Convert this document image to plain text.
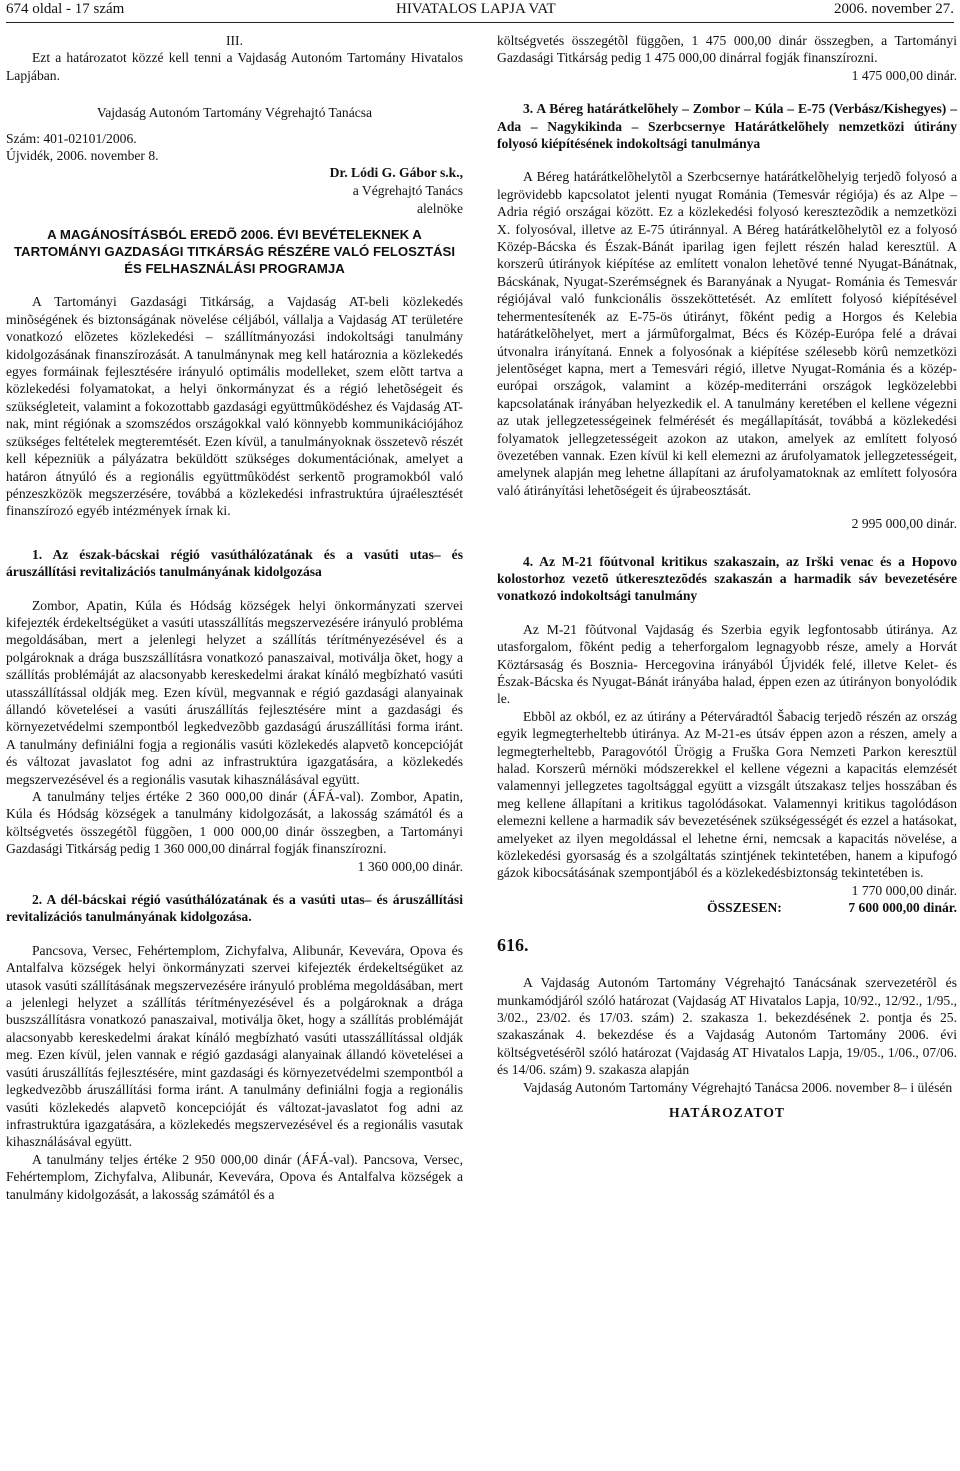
674 oldal - 17 szám	HIVATALOS LAPJA VAT	2006. november 27.

III.

Ezt a határozatot közzé kell tenni a Vajdaság Autonóm Tartomány Hivatalos Lapjában.

Vajdaság Autonóm Tartomány Végrehajtó Tanácsa

Szám: 401-02101/2006.

Újvidék, 2006. november 8.

Dr. Lódi G. Gábor s.k.,
a Végrehajtó Tanács
alelnöke

A MAGÁNOSÍTÁSBÓL EREDÕ 2006. ÉVI BEVÉTELEKNEK A TARTOMÁNYI GAZDASÁGI TITKÁRSÁG RÉSZÉRE VALÓ FELOSZTÁSI ÉS FELHASZNÁLÁSI PROGRAMJA

A Tartományi Gazdasági Titkárság, a Vajdaság AT-beli közlekedés minõségének és biztonságának növelése céljából, vállalja a Vajdaság AT területére vonatkozó elõzetes közlekedési – szállítmányozási indokoltsági tanulmány kidolgozásának finanszírozását. A tanulmánynak meg kell határoznia a közlekedés egyes formáinak fejlesztésére irányuló optimális modelleket, szem elõtt tartva a közlekedési folyamatokat, a helyi önkormányzat és a régió lehetõségeit és szükségleteit, valamint a fokozottabb gazdasági együttmûködéshez és Vajdaság AT-nak, mint régiónak a szomszédos országokkal való könnyebb kommunikációjához szükséges feltételek megteremtését. Ezen kívül, a tanulmányoknak összetevõ részét kell képezniük a pályázatra beküldött szükséges dokumentációnak, amelyet a határon átnyúló és a regionális együttmûködést serkentõ programokból való pénzeszközök megszerzésére, továbbá a közlekedési infrastruktúra újraélesztését finanszírozó egyéb intézmények írnak ki.

1. Az észak-bácskai régió vasúthálózatának és a vasúti utas– és áruszállítási revitalizációs tanulmányának kidolgozása

Zombor, Apatin, Kúla és Hódság községek helyi önkormányzati szervei kifejezték érdekeltségüket a vasúti utasszállítás megszervezésére irányuló probléma megoldásában, mert a jelenlegi helyzet a szállítás térítményezésével és a polgároknak a drága buszszállításra vonatkozó panaszaival, motiválja õket, hogy a szállítás problémáját az alacsonyabb kereskedelmi árakat kínáló megbízható vasúti utasszállítással oldják meg. Ezen kívül, megvannak e régió gazdasági alanyainak állandó követelései a vasúti áruszállítás fejlesztésére mint a gazdasági és környezetvédelmi szempontból legkedvezõbb gazdaságú áruszállítási forma iránt. A tanulmány definiálni fogja a regionális vasúti közlekedés alapvetõ koncepcióját és változat javaslatot fog adni az infrastruktúra igazgatására, a közlekedés megszervezésével és a regionális vasutak kihasználásával együtt.

A tanulmány teljes értéke 2 360 000,00 dinár (ÁFÁ-val). Zombor, Apatin, Kúla és Hódság községek a tanulmány kidolgozását, a lakosság számától és a költségvetés összegétõl függõen, 1 000 000,00 dinár összegben, a Tartományi Gazdasági Titkárság pedig 1 360 000,00 dinárral fogják finanszírozni.

1 360 000,00 dinár.

2. A dél-bácskai régió vasúthálózatának és a vasúti utas– és áruszállítási revitalizációs tanulmányának kidolgozása.

Pancsova, Versec, Fehértemplom, Zichyfalva, Alibunár, Kevevára, Opova és Antalfalva községek helyi önkormányzati szervei kifejezték érdekeltségüket az utasok vasúti szállításának megszervezésére irányuló probléma megoldásában, mert a jelenlegi helyzet a szállítás térítményezésével és a polgároknak a drága buszszállításra vonatkozó panaszaival, motiválja õket, hogy a szállítás problémáját alacsonyabb kereskedelmi árakat kínáló megbízható vasúti utasszállítással oldják meg. Ezen kívül, jelen vannak e régió gazdasági alanyainak állandó követelései a vasúti áruszállítás fejlesztésére, mint gazdasági és környezetvédelmi szempontból a legkedvezõbb áruszállítási forma iránt. A tanulmány definiálni fogja a regionális vasúti közlekedés alapvetõ koncepcióját és változat-javaslatot fog adni az infrastruktúra igazgatására, a közlekedés megszervezésével és a regionális vasutak kihasználásával együtt.

A tanulmány teljes értéke 2 950 000,00 dinár (ÁFÁ-val). Pancsova, Versec, Fehértemplom, Zichyfalva, Alibunár, Kevevára, Opova és Antalfalva községek a tanulmány kidolgozását, a lakosság számától és a

költségvetés összegétõl függõen, 1 475 000,00 dinár összegben, a Tartományi Gazdasági Titkárság pedig 1 475 000,00 dinárral fogják finanszírozni.

1 475 000,00 dinár.

3. A Béreg határátkelõhely – Zombor – Kúla – E-75 (Verbász/Kishegyes) – Ada – Nagykikinda – Szerbcsernye Határátkelõhely nemzetközi útirány folyosó kiépítésének indokoltsági tanulmánya

A Béreg határátkelõhelytõl a Szerbcsernye határátkelõhelyig terjedõ folyosó a legrövidebb kapcsolatot jelenti nyugat Románia (Temesvár régiója) és az Alpe – Adria régió országai között. Ez a közlekedési folyosó keresztezõdik a nemzetközi X. folyosóval, illetve az E-75 útiránnyal. A Béreg határátkelõhelytõl ez a folyosó Közép-Bácska és Észak-Bánát iparilag igen fejlett részén halad keresztül. A korszerû útirányok kiépítése az említett vonalon lehetõvé tenné Nyugat-Bánátnak, Bácskának, Nyugat-Szerémségnek és Baranyának a Nyugat- Románia és Temesvár régiójával való funkcionális összeköttetését. Az említett folyosó kiépítésével tehermentesítenék az E-75-ös útirányt, fõként pedig a Horgos és Kelebia határátkelõhelyet, mert a jármûforgalmat, Bécs és Közép-Európa felé a drávai útvonalra irányítaná. Ennek a folyosónak a kiépítése szélesebb körû nemzetközi jelentõséget kapna, mert a Temesvári régió, illetve Nyugat-Románia és a közép-európai országok, valamint a közép-mediterráni országok legközelebbi kapcsolatának irányában helyezkedik el. A tanulmány keretében el kellene végezni az utak jellegzetességeinek felmérését és megállapítását, továbbá a közlekedési folyamatok jellegzetességeit azokon az utakon, amelyek az említett folyosó övezetében vannak. Ezen kívül ki kell elemezni az árufolyamatok jellegzetességeit, amelynek alapján meg lehetne állapítani az árufolyamatoknak az említett folyosóra való átirányítási lehetõségeit és újrabeosztását.

2 995 000,00 dinár.

4. Az M-21 fõútvonal kritikus szakaszain, az Irški venac és a Hopovo kolostorhoz vezetõ útkeresztezõdés szakaszán a harmadik sáv bevezetésére vonatkozó indokoltsági tanulmány

Az M-21 fõútvonal Vajdaság és Szerbia egyik legfontosabb útiránya. Az utasforgalom, fõként pedig a teherforgalom legnagyobb része, amely a Horvát Köztársaság és Bosznia- Hercegovina irányából Újvidék felé, illetve Kelet- és Észak-Bácska és Nyugat-Bánát irányába halad, éppen ezen az útirányon bonyolódik le.

Ebbõl az okból, ez az útirány a Péterváradtól Šabacig terjedõ részén az ország egyik legmegterheltebb útiránya. Az M-21-es útsáv éppen azon a részen, amely a legmegterheltebb, Paragovótól Ürögig a Fruška Gora Nemzeti Parkon keresztül halad. Korszerû mérnöki módszerekkel el kellene végezni a kapacitás elemzését valamennyi jellegzetes tagoltsággal együtt a vizsgált útszakasz teljes hosszában és meg kellene állapítani a kritikus tagolódásokat. Valamennyi kritikus tagolódáson elemezni kellene a harmadik sáv bevezetésének szükségességét és ezzel a hatásokat, amelyeket az ilyen megoldással el lehetne érni, nemcsak a kapacitás növelése, a közlekedési gyorsaság és a szolgáltatás szintjének tekintetében, hanem a kipufogó gázok kibocsátásának szempontjából és a közlekedésbiztonság tekintetében is.

1 770 000,00 dinár.

ÖSSZESEN:	7 600 000,00 dinár.

616.

A Vajdaság Autonóm Tartomány Végrehajtó Tanácsának szervezetérõl és munkamódjáról szóló határozat (Vajdaság AT Hivatalos Lapja, 10/92., 12/92., 1/95., 3/02., 23/02. és 17/03. szám) 2. szakasza 1. bekezdésének 2. pontja és 25. szakaszának 4. bekezdése és a Vajdaság Autonóm Tartomány 2006. évi költségvetésérõl szóló határozat (Vajdaság AT Hivatalos Lapja, 19/05., 1/06., 07/06. és 14/06. szám) 9. szakasza alapján

Vajdaság Autonóm Tartomány Végrehajtó Tanácsa 2006. november 8– i ülésén

HATÁROZATOT
